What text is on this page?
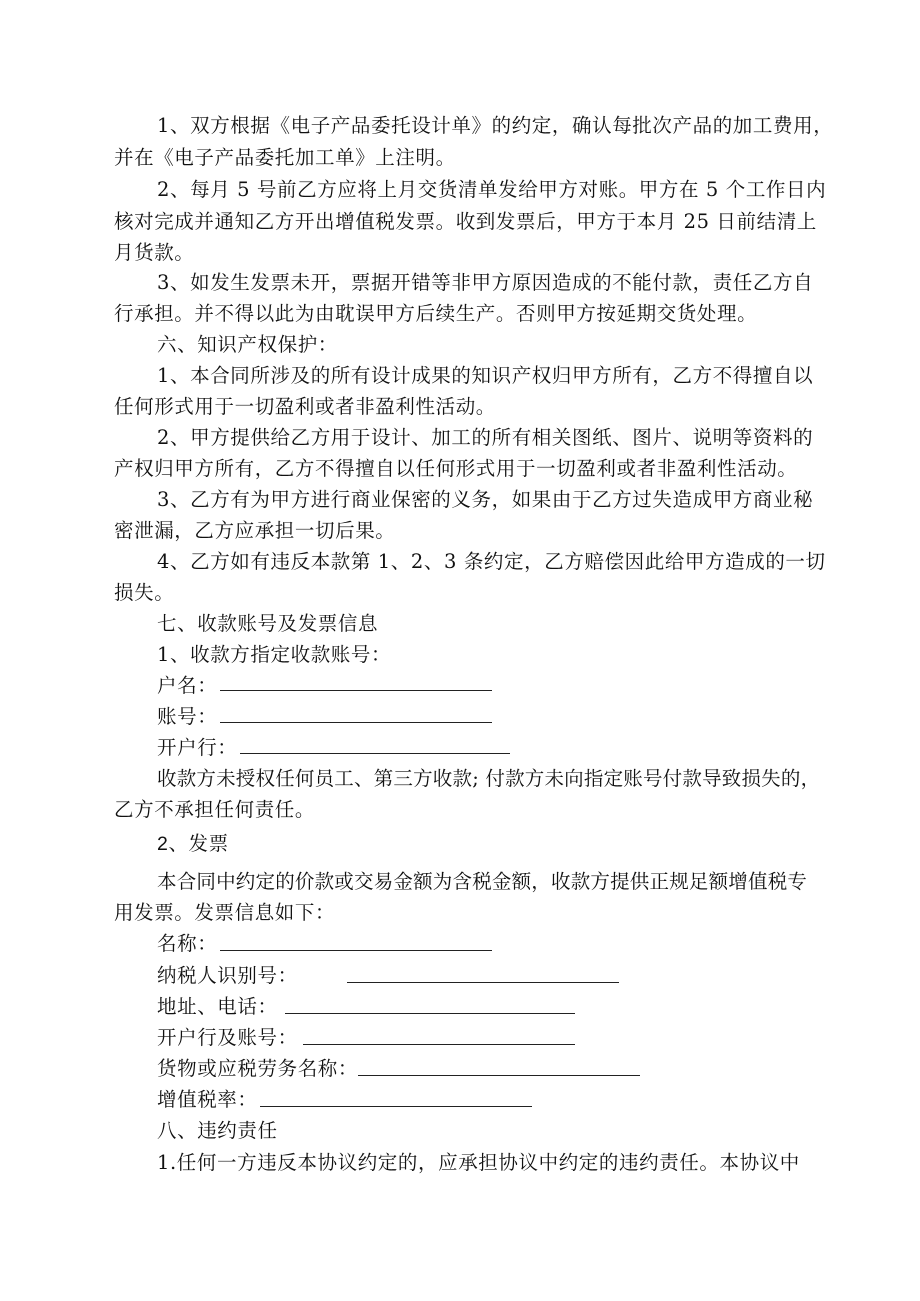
1、双方根据《电子产品委托设计单》的约定，确认每批次产品的加工费用，
并在《电子产品委托加工单》上注明。
2、每月 5 号前乙方应将上月交货清单发给甲方对账。甲方在 5 个工作日内
核对完成并通知乙方开出增值税发票。收到发票后，甲方于本月 25 日前结清上
月货款。
3、如发生发票未开，票据开错等非甲方原因造成的不能付款，责任乙方自
行承担。并不得以此为由耽误甲方后续生产。否则甲方按延期交货处理。
六、知识产权保护：
1、本合同所涉及的所有设计成果的知识产权归甲方所有，乙方不得擅自以
任何形式用于一切盈利或者非盈利性活动。
2、甲方提供给乙方用于设计、加工的所有相关图纸、图片、说明等资料的
产权归甲方所有，乙方不得擅自以任何形式用于一切盈利或者非盈利性活动。
3、乙方有为甲方进行商业保密的义务，如果由于乙方过失造成甲方商业秘
密泄漏，乙方应承担一切后果。
4、乙方如有违反本款第 1、2、3 条约定，乙方赔偿因此给甲方造成的一切
损失。
七、收款账号及发票信息
1、收款方指定收款账号：
户名：
账号：
开户行：
收款方未授权任何员工、第三方收款; 付款方未向指定账号付款导致损失的，
乙方不承担任何责任。
2、发票
本合同中约定的价款或交易金额为含税金额，收款方提供正规足额增值税专
用发票。发票信息如下：
名称：
纳税人识别号：
地址、电话：
开户行及账号：
货物或应税劳务名称：
增值税率：
八、违约责任
1.任何一方违反本协议约定的，应承担协议中约定的违约责任。本协议中
